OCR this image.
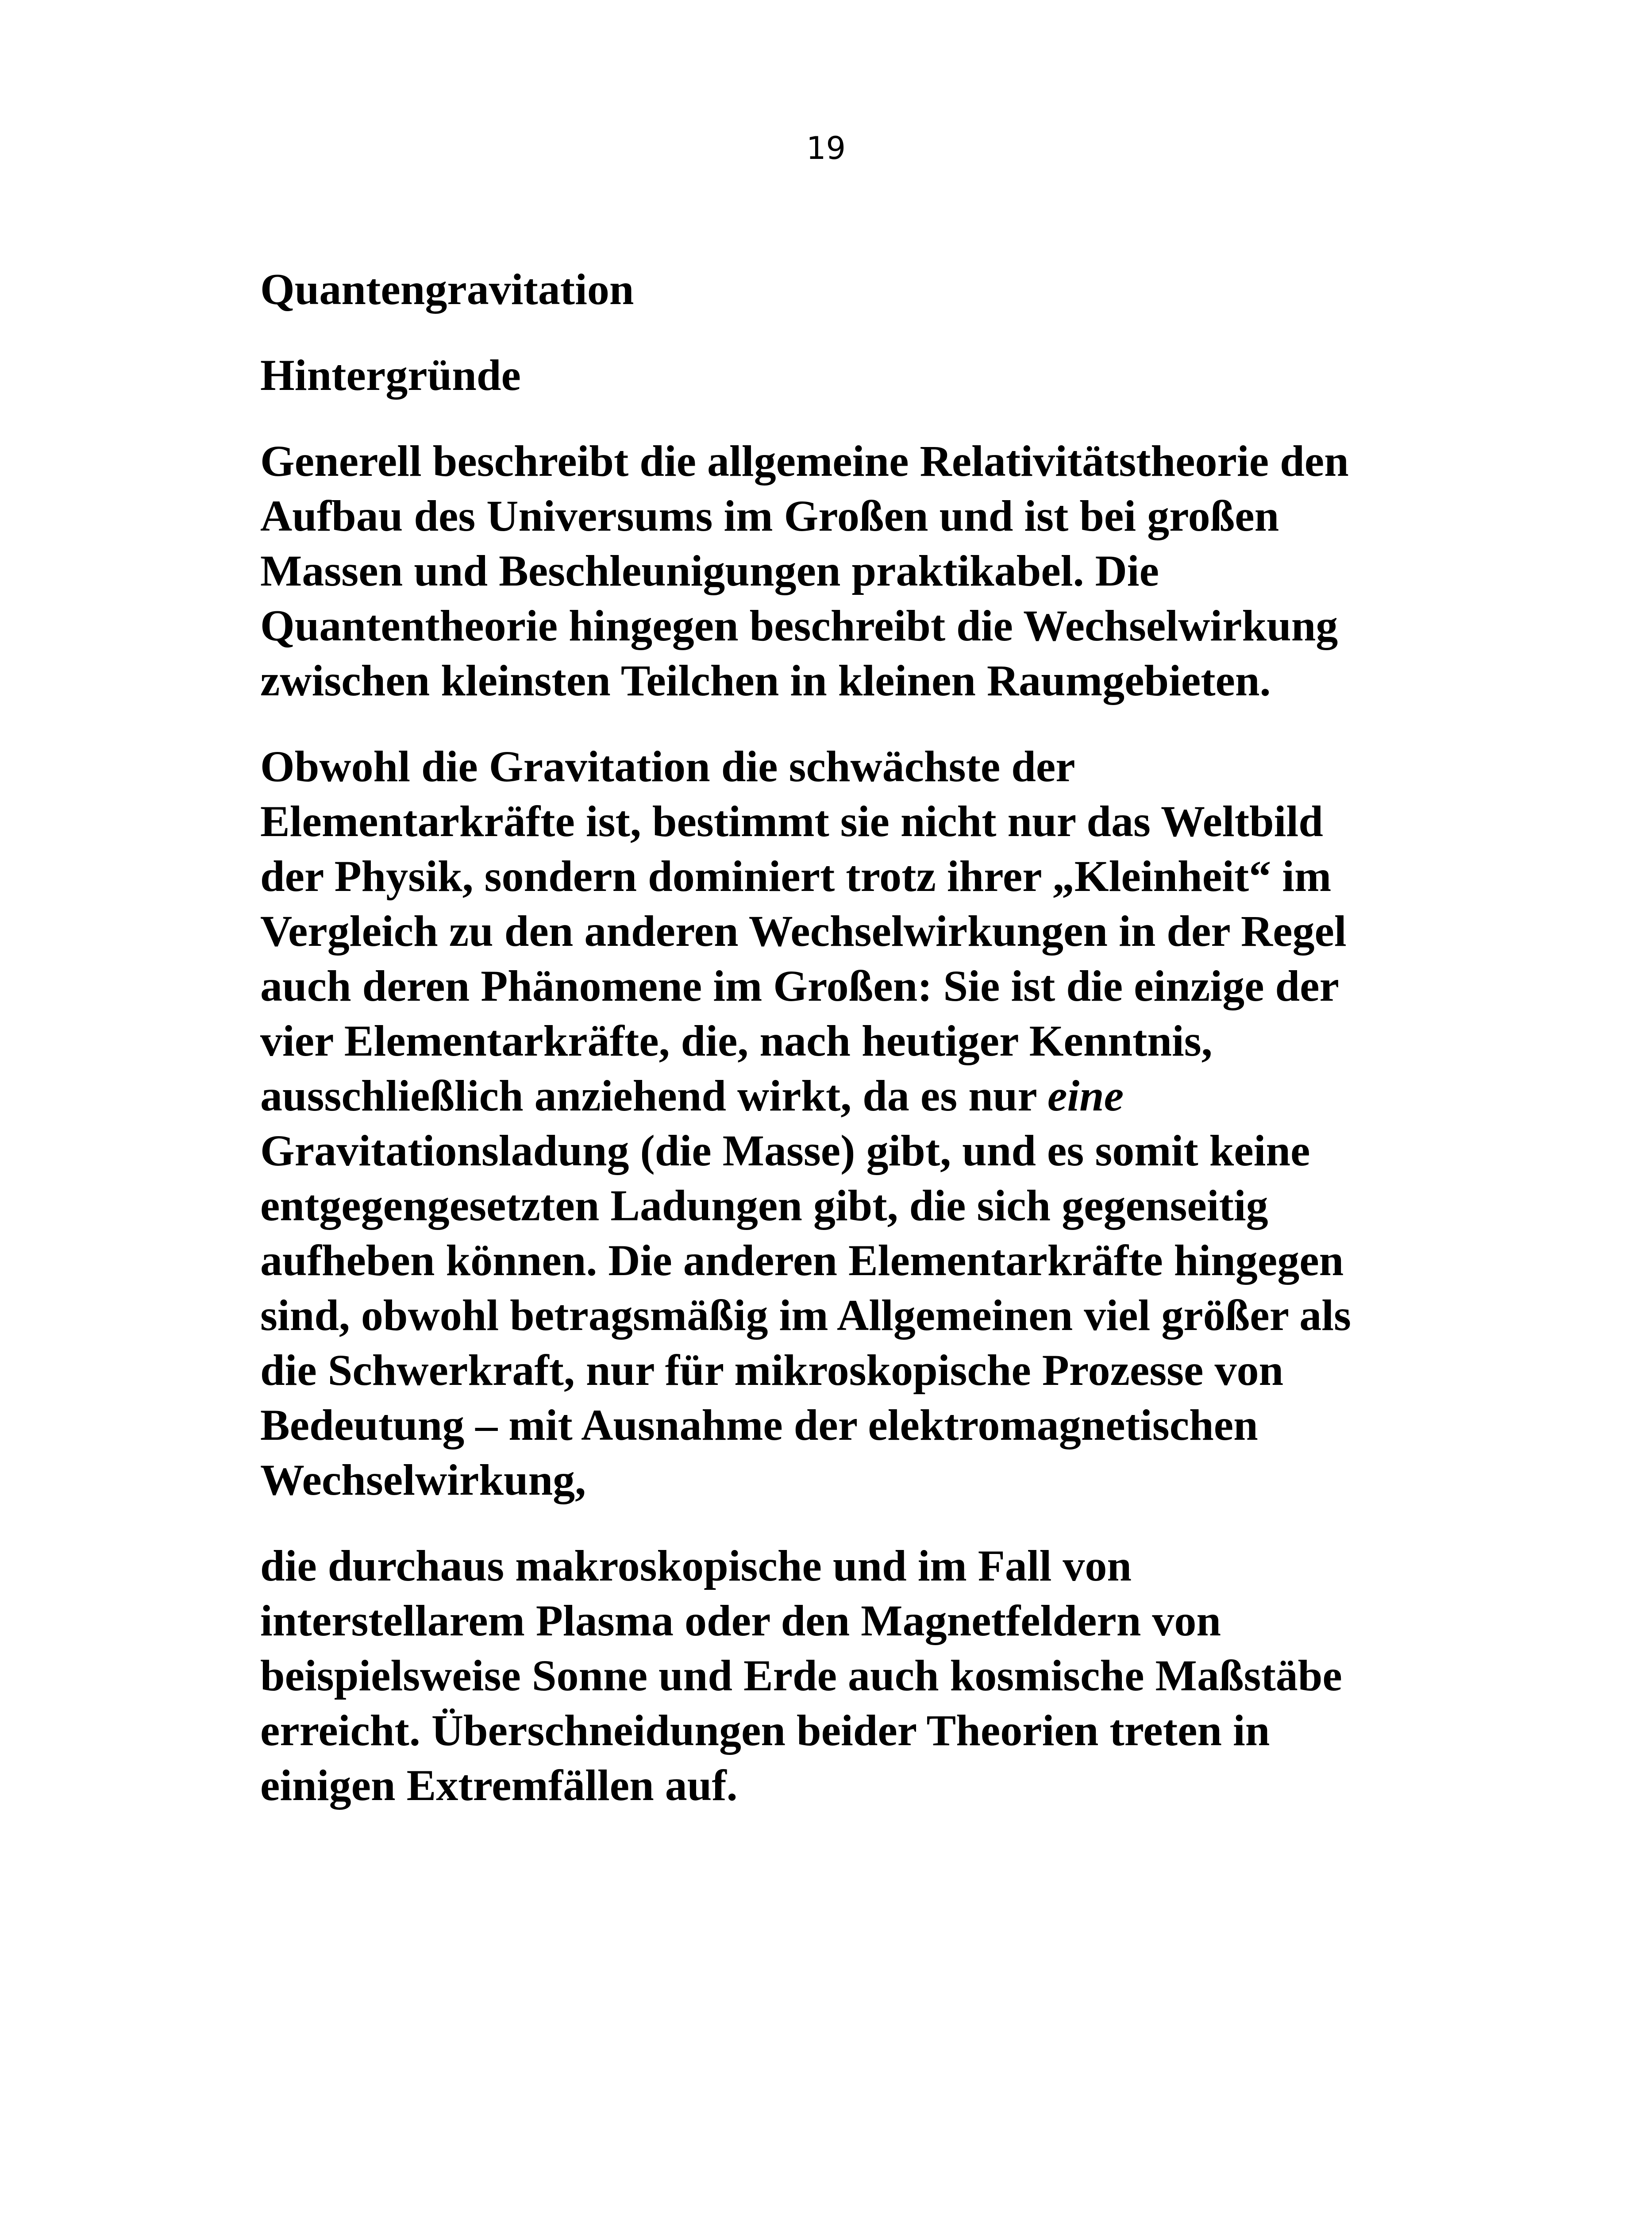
19

Quantengravitation

Hintergründe

Generell beschreibt die allgemeine Relativitätstheorie den
Aufbau des Universums im Großen und ist bei großen
Massen und Beschleunigungen praktikabel. Die
Quantentheorie hingegen beschreibt die Wechselwirkung
zwischen kleinsten Teilchen in kleinen Raumgebieten.

Obwohl die Gravitation die schwächste der
Elementarkräfte ist, bestimmt sie nicht nur das Weltbild
der Physik, sondern dominiert trotz ihrer „Kleinheit“ im
Vergleich zu den anderen Wechselwirkungen in der Regel
auch deren Phänomene im Großen: Sie ist die einzige der
vier Elementarkräfte, die, nach heutiger Kenntnis,
ausschließlich anziehend wirkt, da es nur eine
Gravitationsladung (die Masse) gibt, und es somit keine
entgegengesetzten Ladungen gibt, die sich gegenseitig
aufheben können. Die anderen Elementarkräfte hingegen
sind, obwohl betragsmäßig im Allgemeinen viel größer als
die Schwerkraft, nur für mikroskopische Prozesse von
Bedeutung – mit Ausnahme der elektromagnetischen
Wechselwirkung,

die durchaus makroskopische und im Fall von
interstellarem Plasma oder den Magnetfeldern von
beispielsweise Sonne und Erde auch kosmische Maßstäbe
erreicht. Überschneidungen beider Theorien treten in
einigen Extremfällen auf.
